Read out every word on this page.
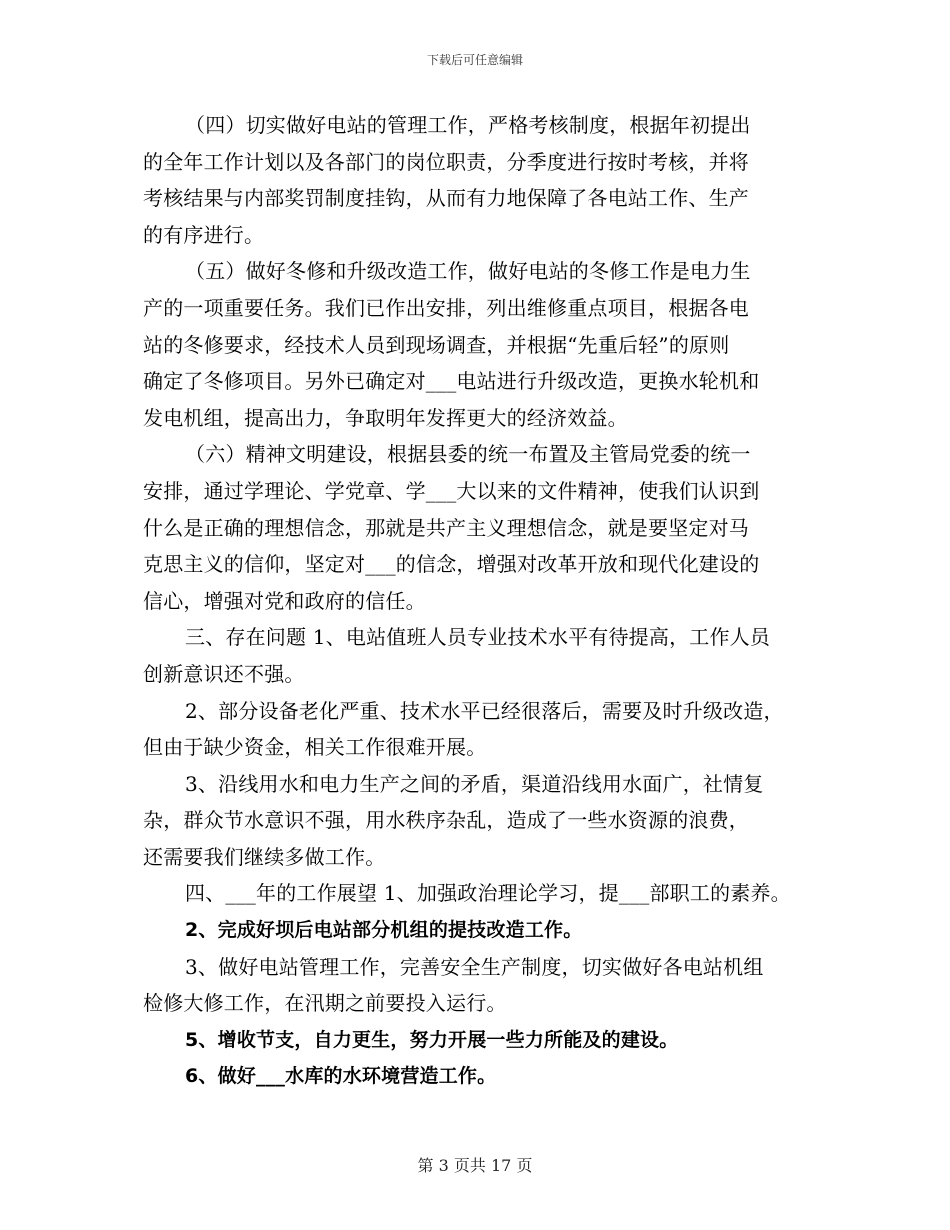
下载后可任意编辑
（四）切实做好电站的管理工作，严格考核制度，根据年初提出
的全年工作计划以及各部门的岗位职责，分季度进行按时考核，并将
考核结果与内部奖罚制度挂钩，从而有力地保障了各电站工作、生产
的有序进行。
（五）做好冬修和升级改造工作，做好电站的冬修工作是电力生
产的一项重要任务。我们已作出安排，列出维修重点项目，根据各电
站的冬修要求，经技术人员到现场调查，并根据“先重后轻”的原则
确定了冬修项目。另外已确定对___电站进行升级改造，更换水轮机和
发电机组，提高出力，争取明年发挥更大的经济效益。
（六）精神文明建设，根据县委的统一布置及主管局党委的统一
安排，通过学理论、学党章、学___大以来的文件精神，使我们认识到
什么是正确的理想信念，那就是共产主义理想信念，就是要坚定对马
克思主义的信仰，坚定对___的信念，增强对改革开放和现代化建设的
信心，增强对党和政府的信任。
三、存在问题 1、电站值班人员专业技术水平有待提高，工作人员
创新意识还不强。
2、部分设备老化严重、技术水平已经很落后，需要及时升级改造，
但由于缺少资金，相关工作很难开展。
3、沿线用水和电力生产之间的矛盾，渠道沿线用水面广，社情复
杂，群众节水意识不强，用水秩序杂乱，造成了一些水资源的浪费，
还需要我们继续多做工作。
四、___年的工作展望 1、加强政治理论学习，提___部职工的素养。
2、完成好坝后电站部分机组的提技改造工作。
3、做好电站管理工作，完善安全生产制度，切实做好各电站机组
检修大修工作，在汛期之前要投入运行。
5、增收节支，自力更生，努力开展一些力所能及的建设。
6、做好___水库的水环境营造工作。
第 3 页共 17 页
